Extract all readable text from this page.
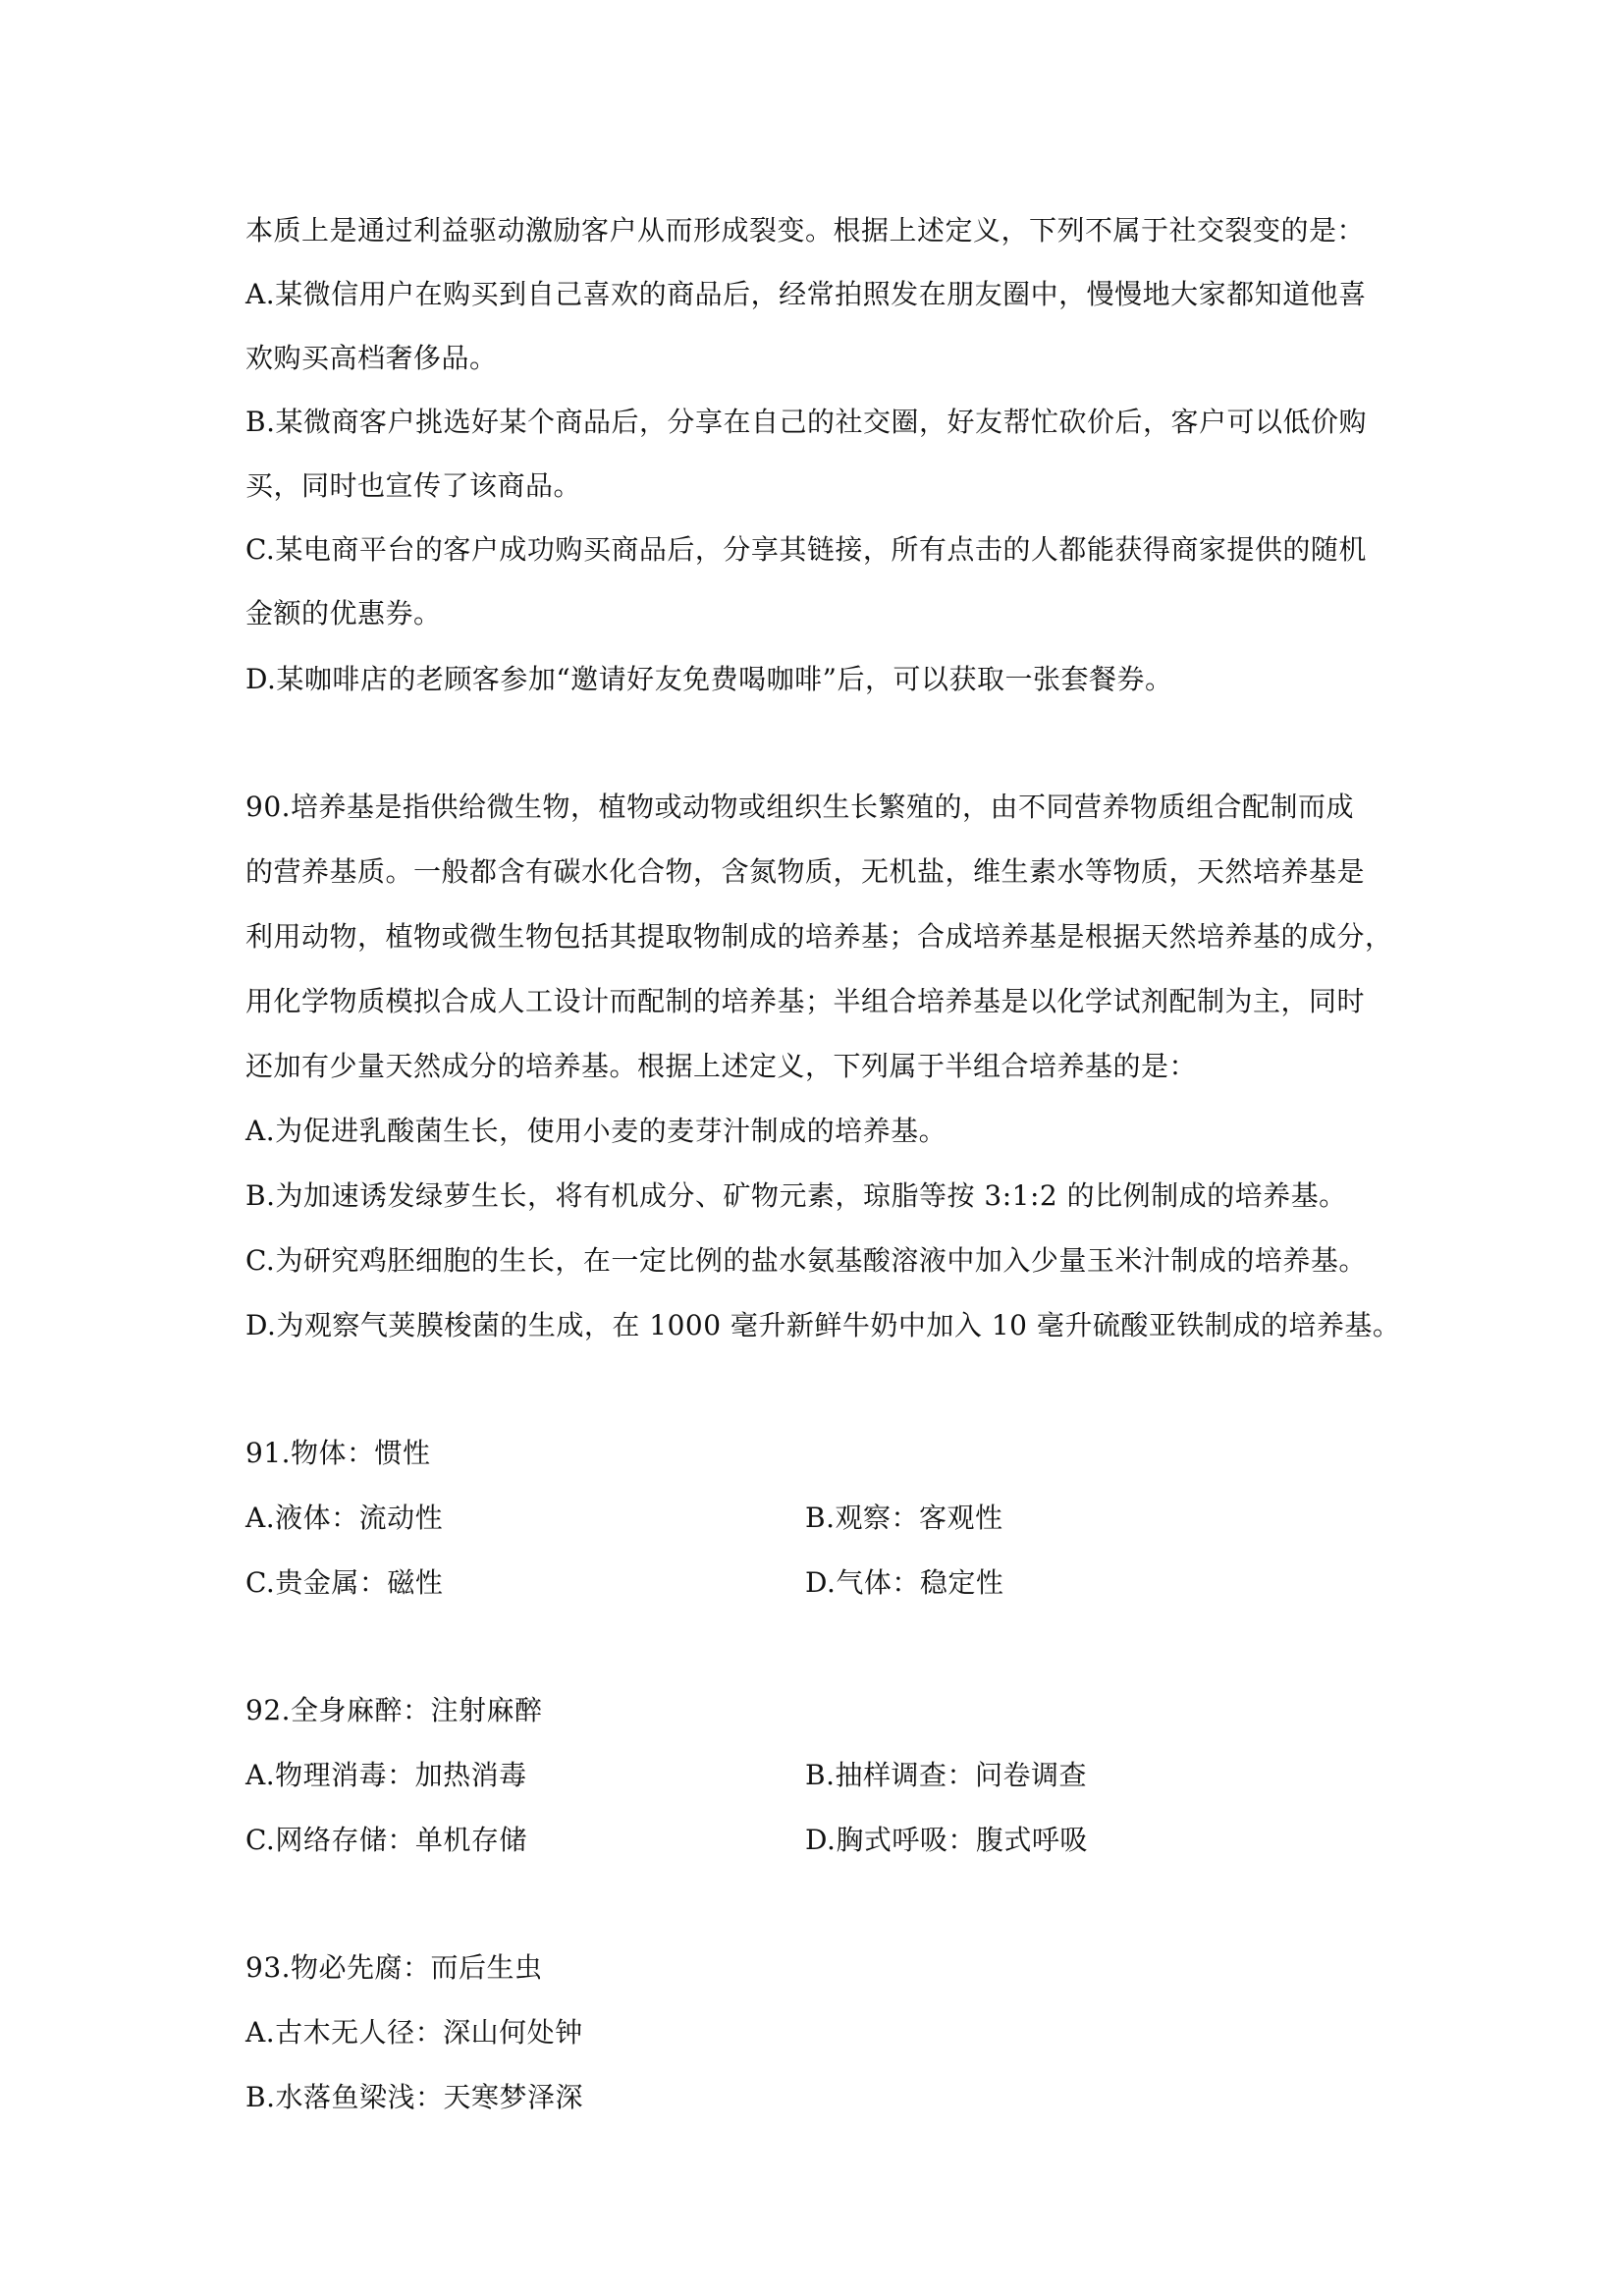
本质上是通过利益驱动激励客户从而形成裂变。根据上述定义，下列不属于社交裂变的是：
A.某微信用户在购买到自己喜欢的商品后，经常拍照发在朋友圈中，慢慢地大家都知道他喜
欢购买高档奢侈品。
B.某微商客户挑选好某个商品后，分享在自己的社交圈，好友帮忙砍价后，客户可以低价购
买，同时也宣传了该商品。
C.某电商平台的客户成功购买商品后，分享其链接，所有点击的人都能获得商家提供的随机
金额的优惠券。
D.某咖啡店的老顾客参加“邀请好友免费喝咖啡”后，可以获取一张套餐券。
90.培养基是指供给微生物，植物或动物或组织生长繁殖的，由不同营养物质组合配制而成
的营养基质。一般都含有碳水化合物，含氮物质，无机盐，维生素水等物质，天然培养基是
利用动物，植物或微生物包括其提取物制成的培养基；合成培养基是根据天然培养基的成分，
用化学物质模拟合成人工设计而配制的培养基；半组合培养基是以化学试剂配制为主，同时
还加有少量天然成分的培养基。根据上述定义，下列属于半组合培养基的是：
A.为促进乳酸菌生长，使用小麦的麦芽汁制成的培养基。
B.为加速诱发绿萝生长，将有机成分、矿物元素，琼脂等按 3:1:2 的比例制成的培养基。
C.为研究鸡胚细胞的生长，在一定比例的盐水氨基酸溶液中加入少量玉米汁制成的培养基。
D.为观察气荚膜梭菌的生成，在 1000 毫升新鲜牛奶中加入 10 毫升硫酸亚铁制成的培养基。
91.物体：惯性
A.液体：流动性	B.观察：客观性
C.贵金属：磁性	D.气体：稳定性
92.全身麻醉：注射麻醉
A.物理消毒：加热消毒	B.抽样调查：问卷调查
C.网络存储：单机存储	D.胸式呼吸：腹式呼吸
93.物必先腐：而后生虫
A.古木无人径：深山何处钟
B.水落鱼梁浅：天寒梦泽深
